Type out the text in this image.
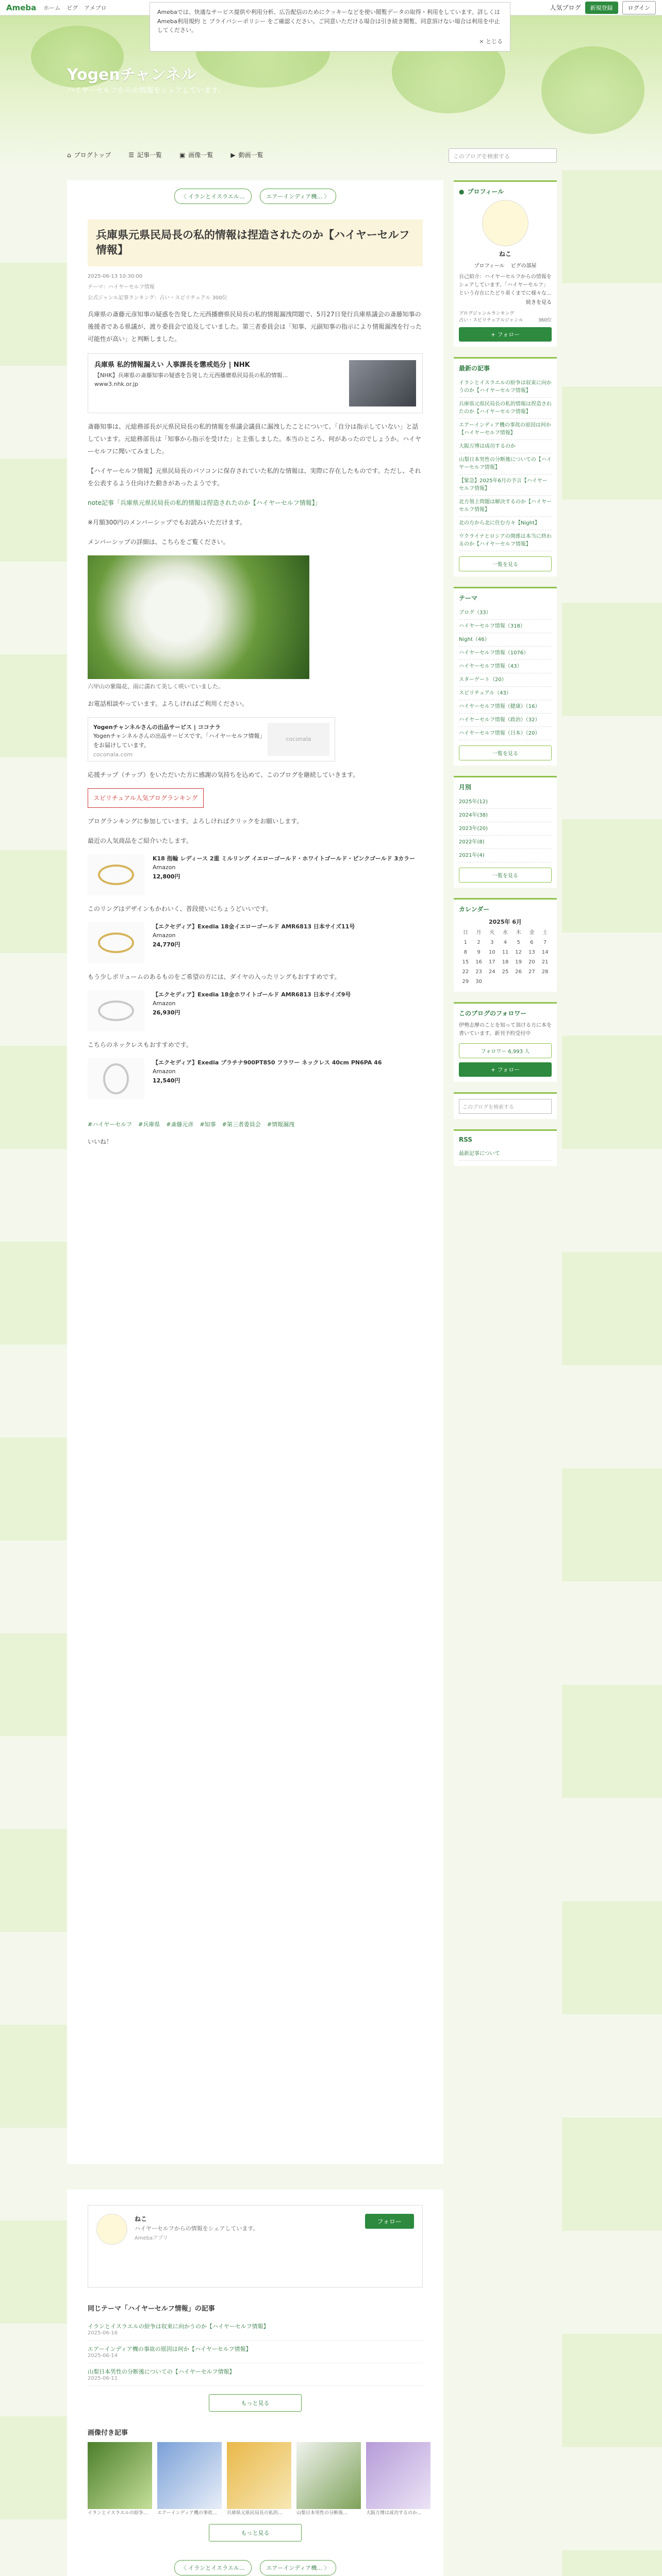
Ameba ホーム ピグ アメブロ	人気ブログ	新規登録	ログイン
Amebaでは、快適なサービス提供や利用分析、広告配信のためにクッキーなどを使い閲覧データの取得・利用をしています。詳しくは Ameba利用規約 と プライバシーポリシー をご確認ください。ご同意いただける場合は引き続き閲覧、同意頂けない場合は利用を中止してください。
× とじる
Yogenチャンネル
ハイヤーセルフからの情報をシェアしています。
⌂ ブログトップ	☰ 記事一覧	▣ 画像一覧	▶ 動画一覧	このブログを検索する
〈 イランとイスラエル...	エアーインディア機... 〉
兵庫県元県民局長の私的情報は捏造されたのか【ハイヤーセルフ情報】
2025-06-13 10:30:00
テーマ：ハイヤーセルフ情報
公式ジャンル記事ランキング：占い・スピリチュアル 300位

兵庫県の斎藤元彦知事の疑惑を告発した元西播磨県民局長の私的情報漏洩問題で、5月27日発行兵庫県議会の斎藤知事の後援者である県議が、渡り委員会で追及していました。第三者委員会は「知事、元副知事の指示により情報漏洩を行った可能性が高い」と判断しました。

兵庫県 私的情報漏えい 人事課長を懲戒処分 | NHK
【NHK】兵庫県の斎藤知事の疑惑を告発した元西播磨県民局長の私的情報...
www3.nhk.or.jp

斎藤知事は、元総務部長が元県民局長の私的情報を県議会議員に漏洩したことについて、「自分は指示していない」と話しています。元総務部長は「知事から指示を受けた」と主張しました。本当のところ、何があったのでしょうか。ハイヤーセルフに聞いてみました。

【ハイヤーセルフ情報】元県民局長のパソコンに保存されていた私的な情報は、実際に存在したものです。ただし、それを公表するよう仕向けた動きがあったようです。

note記事「兵庫県元県民局長の私的情報は捏造されたのか【ハイヤーセルフ情報】」

※月額300円のメンバーシップでもお読みいただけます。

メンバーシップの詳細は、こちらをご覧ください。

六甲山の紫陽花、雨に濡れて美しく咲いていました。

お電話相談やっています。よろしければご利用ください。

Yogenチャンネルさんの出品サービス | ココナラ
Yogenチャンネルさんの出品サービスです。「ハイヤーセルフ情報」をお届けしています。
coconala.com
coconala

応援チップ（チップ）をいただいた方に感謝の気持ちを込めて、このブログを継続していきます。

スピリチュアル人気ブログランキング

ブログランキングに参加しています。よろしければクリックをお願いします。

最近の人気商品をご紹介いたします。

K18 指輪 レディース 2重 ミルリング イエローゴールド・ホワイトゴールド・ピンクゴールド 3カラー
Amazon
12,800円

このリングはデザインもかわいく、普段使いにちょうどいいです。

【エクセディア】Exedia 18金イエローゴールド AMR6813 日本サイズ11号
Amazon
24,770円

もう少しボリュームのあるものをご希望の方には、ダイヤの入ったリングもおすすめです。

【エクセディア】Exedia 18金ホワイトゴールド AMR6813 日本サイズ9号
Amazon
26,930円

こちらのネックレスもおすすめです。

【エクセディア】Exedia プラチナ900PT850 フラワー ネックレス 40cm PN6PA 46
Amazon
12,540円
#ハイヤーセルフ #兵庫県 #斎藤元彦 #知事 #第三者委員会 #情報漏洩
いいね！
ねこ
ハイヤーセルフからの情報をシェアしています。
Amebaアプリ
フォロー
同じテーマ「ハイヤーセルフ情報」の記事
イランとイスラエルの紛争は収束に向かうのか【ハイヤーセルフ情報】
2025-06-16
エアーインディア機の事故の原因は何か【ハイヤーセルフ情報】
2025-06-14
山梨日本男性の分断後についての【ハイヤーセルフ情報】
2025-06-11
もっと見る
画像付き記事
イランとイスラエルの紛争...	エアーインディア機の事故...	兵庫県元県民局長の私的...	山梨日本男性の分断後...	大阪万博は成功するのか...
もっと見る
〈 イランとイスラエル...	エアーインディア機... 〉
● プロフィール
ねこ
プロフィール ピグの部屋
自己紹介：ハイヤーセルフからの情報をシェアしています。「ハイヤーセルフ」という存在にたどり着くまでに様々な...
続きを見る
ブログジャンルランキング
占い・スピリチュアルジャンル	360位
+ フォロー
最新の記事
イランとイスラエルの紛争は収束に向かうのか【ハイヤーセルフ情報】
兵庫県元県民局長の私的情報は捏造されたのか【ハイヤーセルフ情報】
エアーインディア機の事故の原因は何か【ハイヤーセルフ情報】
大阪万博は成功するのか
山梨日本男性の分断後についての【ハイヤーセルフ情報】
【緊急】2025年6月の予言【ハイヤーセルフ情報】
北方領土問題は解決するのか【ハイヤーセルフ情報】
北の方から北に住む方々【Night】
ウクライナとロシアの関係は本当に終わるのか【ハイヤーセルフ情報】
一覧を見る
テーマ
ブログ（33）
ハイヤーセルフ情報（318）
Night（46）
ハイヤーセルフ情報（1076）
ハイヤーセルフ情報（43）
スターゲート（20）
スピリチュアル（43）
ハイヤーセルフ情報（健康）（16）
ハイヤーセルフ情報（政治）（32）
ハイヤーセルフ情報（日本）（20）
一覧を見る
月別
2025年(12)
2024年(38)
2023年(20)
2022年(8)
2021年(4)
一覧を見る
カレンダー
2025年 6月
日	月	火	水	木	金	土
1	2	3	4	5	6	7
8	9	10	11	12	13	14
15	16	17	18	19	20	21
22	23	24	25	26	27	28
29	30					
このブログのフォロワー
伊勢志摩のことを知って頂ける方に本を書いています。新刊予約受付中
フォロワー 6,993 人
+ フォロー
このブログを検索する
RSS
最新記事について
